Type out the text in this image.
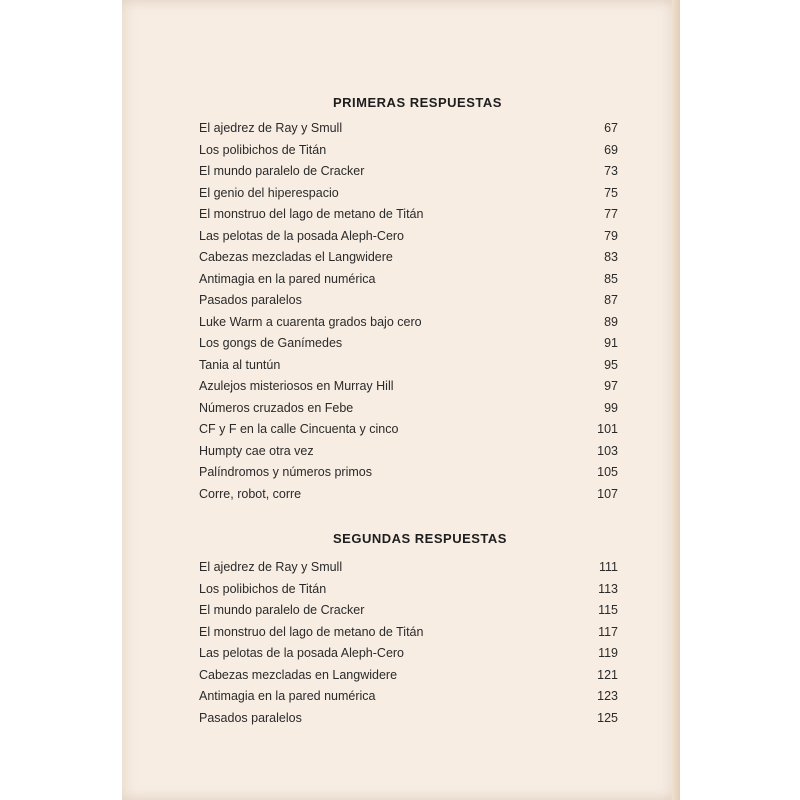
PRIMERAS RESPUESTAS
El ajedrez de Ray y Smull	67
Los polibichos de Titán	69
El mundo paralelo de Cracker	73
El genio del hiperespacio	75
El monstruo del lago de metano de Titán	77
Las pelotas de la posada Aleph-Cero	79
Cabezas mezcladas el Langwidere	83
Antimagia en la pared numérica	85
Pasados paralelos	87
Luke Warm a cuarenta grados bajo cero	89
Los gongs de Ganímedes	91
Tania al tuntún	95
Azulejos misteriosos en Murray Hill	97
Números cruzados en Febe	99
CF y F en la calle Cincuenta y cinco	101
Humpty cae otra vez	103
Palíndromos y números primos	105
Corre, robot, corre	107
SEGUNDAS RESPUESTAS
El ajedrez de Ray y Smull	111
Los polibichos de Titán	113
El mundo paralelo de Cracker	115
El monstruo del lago de metano de Titán	117
Las pelotas de la posada Aleph-Cero	119
Cabezas mezcladas en Langwidere	121
Antimagia en la pared numérica	123
Pasados paralelos	125
